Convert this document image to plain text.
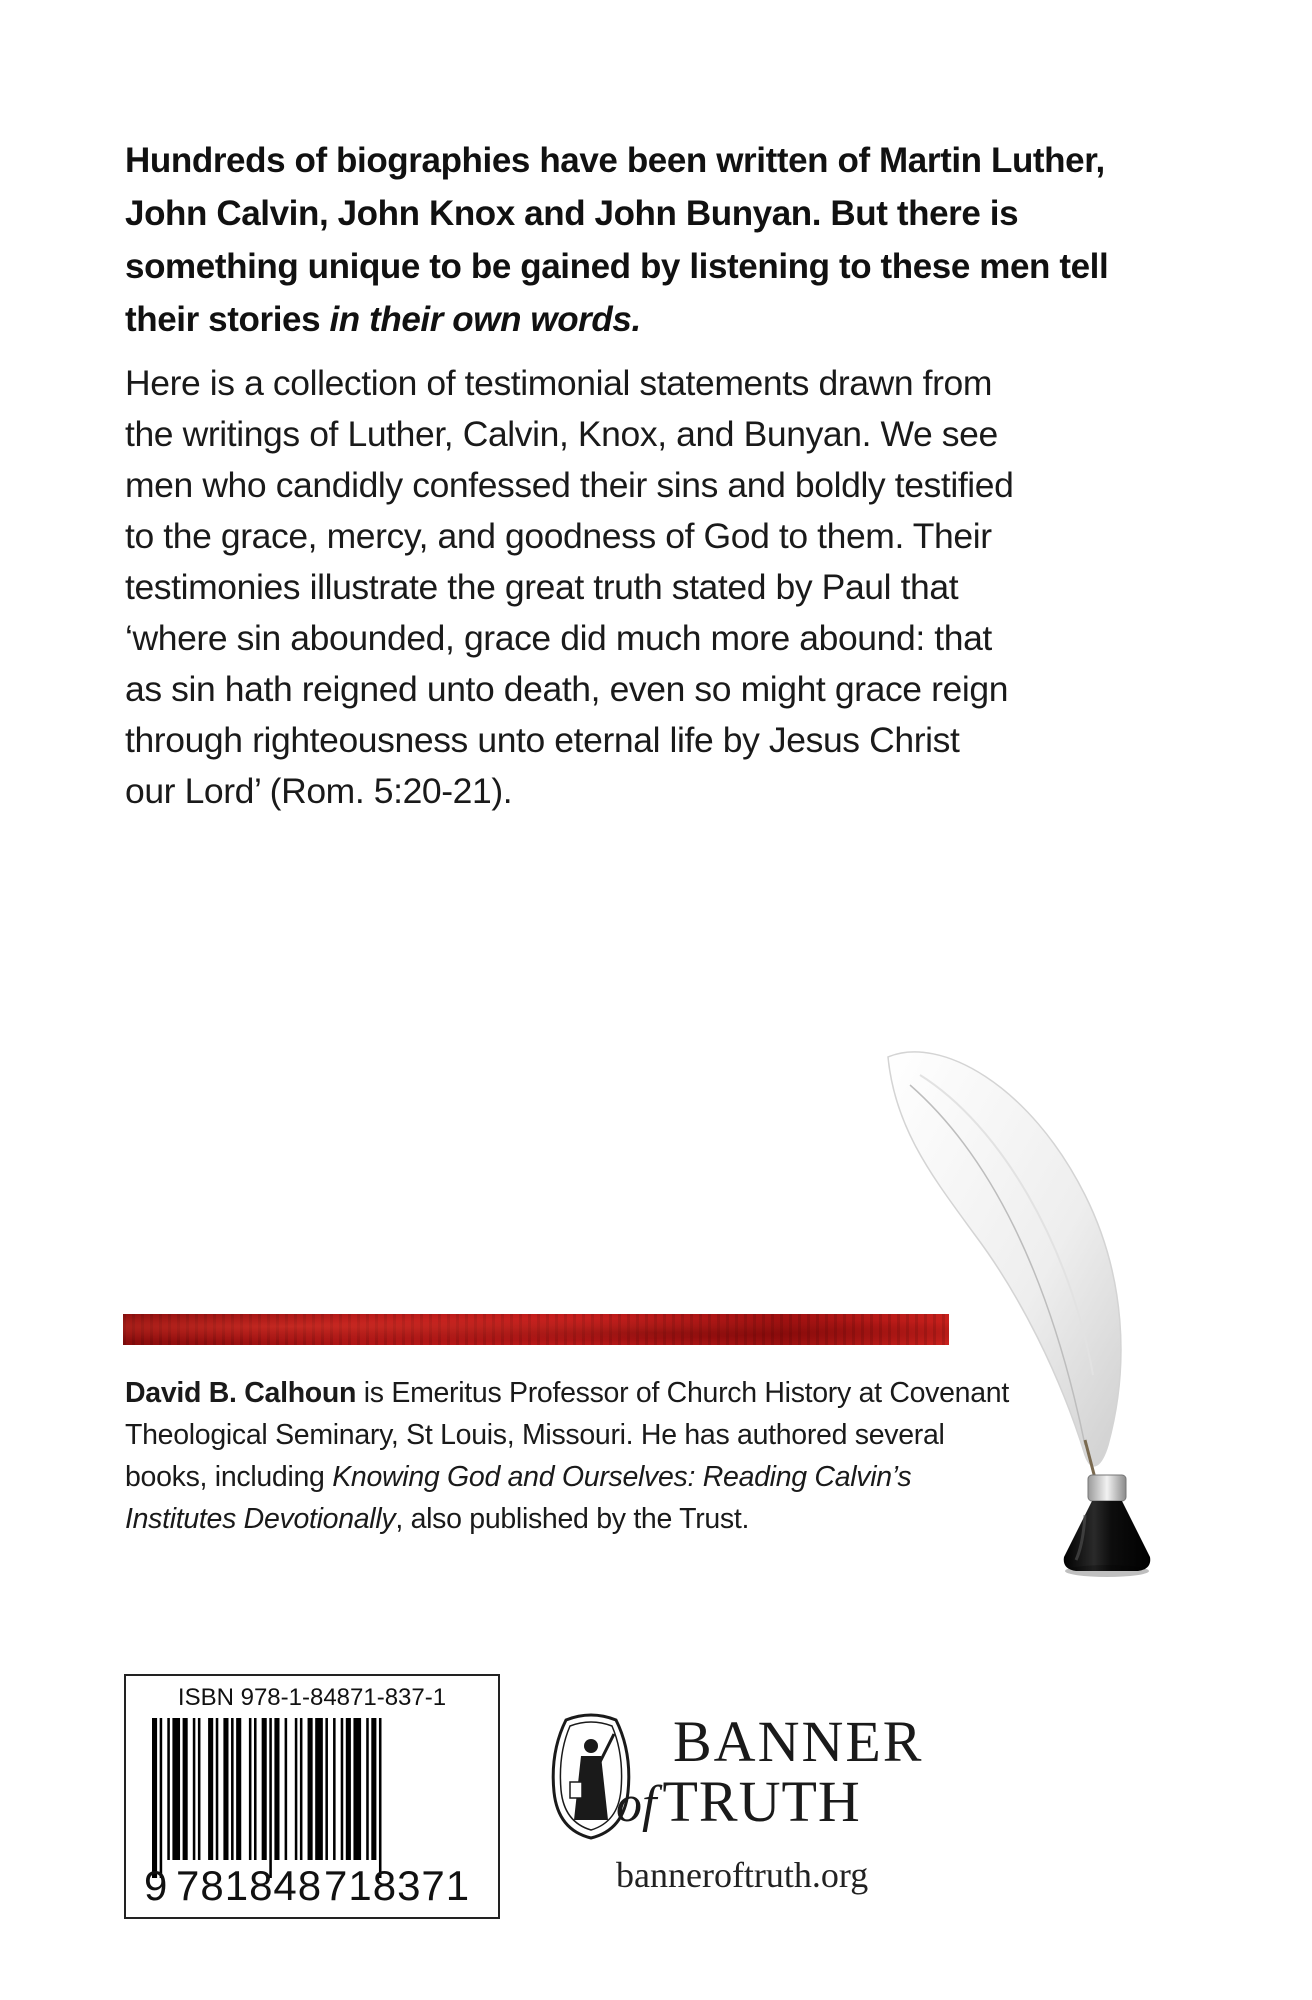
Hundreds of biographies have been written of Martin Luther, John Calvin, John Knox and John Bunyan. But there is something unique to be gained by listening to these men tell their stories in their own words.
Here is a collection of testimonial statements drawn from
the writings of Luther, Calvin, Knox, and Bunyan. We see
men who candidly confessed their sins and boldly testified
to the grace, mercy, and goodness of God to them. Their
testimonies illustrate the great truth stated by Paul that
‘where sin abounded, grace did much more abound: that
as sin hath reigned unto death, even so might grace reign
through righteousness unto eternal life by Jesus Christ
our Lord’ (Rom. 5:20-21).
David B. Calhoun is Emeritus Professor of Church History at Covenant Theological Seminary, St Louis, Missouri. He has authored several books, including Knowing God and Ourselves: Reading Calvin’s Institutes Devotionally, also published by the Trust.
ISBN 978-1-84871-837-1
9 781848 718371
BANNER
of TRUTH
banneroftruth.org
